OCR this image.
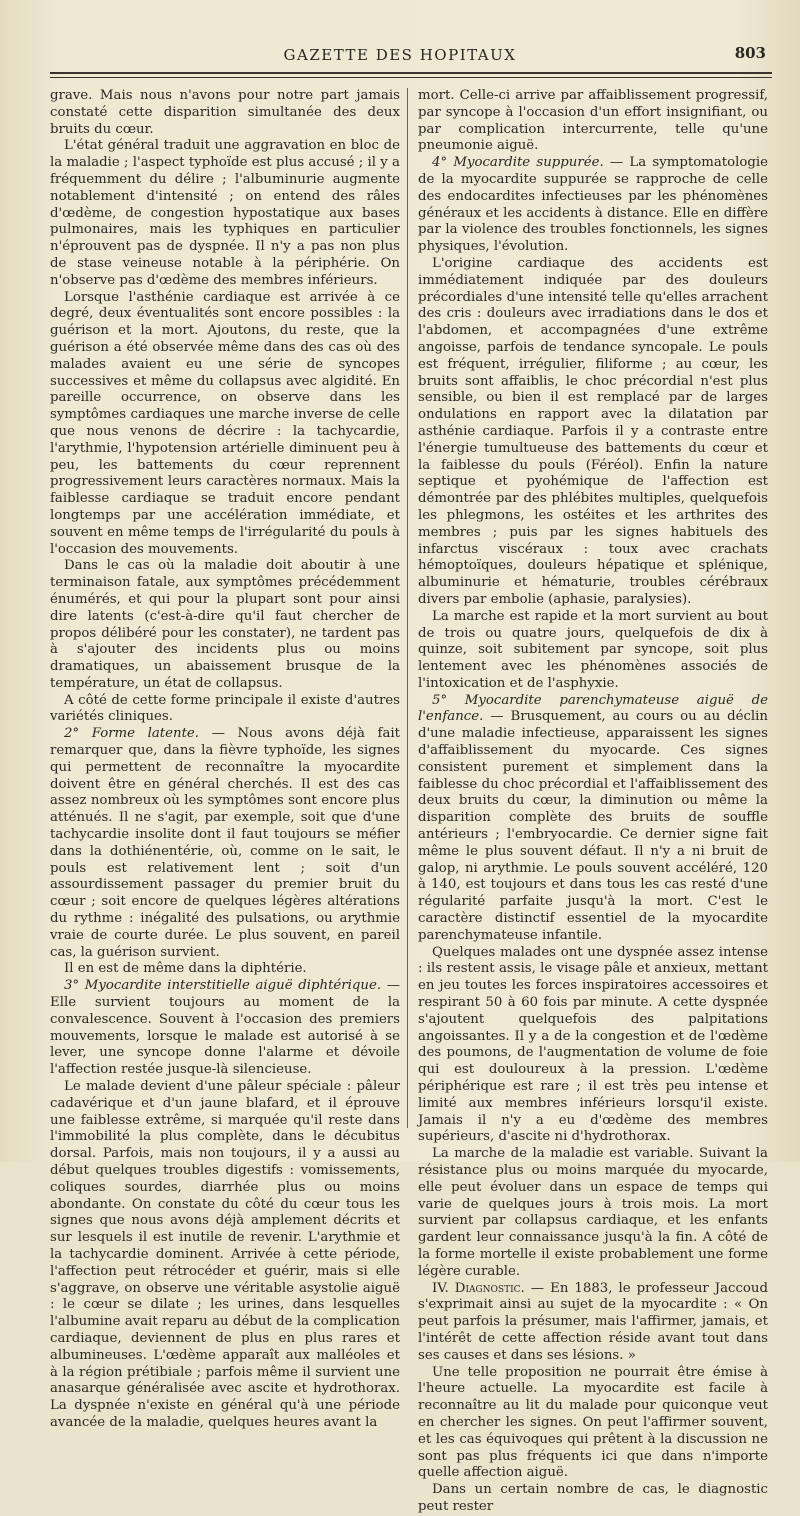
GAZETTE DES HOPITAUX	803

grave. Mais nous n'avons pour notre part jamais constaté cette disparition simultanée des deux bruits du cœur.

L'état général traduit une aggravation en bloc de la maladie ; l'aspect typhoïde est plus accusé ; il y a fréquemment du délire ; l'albuminurie augmente notablement d'intensité ; on entend des râles d'œdème, de congestion hypostatique aux bases pulmonaires, mais les typhiques en particulier n'éprouvent pas de dyspnée. Il n'y a pas non plus de stase veineuse notable à la périphérie. On n'observe pas d'œdème des membres inférieurs.

Lorsque l'asthénie cardiaque est arrivée à ce degré, deux éventualités sont encore possibles : la guérison et la mort. Ajoutons, du reste, que la guérison a été observée même dans des cas où des malades avaient eu une série de syncopes successives et même du collapsus avec algidité. En pareille occurrence, on observe dans les symptômes cardiaques une marche inverse de celle que nous venons de décrire : la tachycardie, l'arythmie, l'hypotension artérielle diminuent peu à peu, les battements du cœur reprennent progressivement leurs caractères normaux. Mais la faiblesse cardiaque se traduit encore pendant longtemps par une accélération immédiate, et souvent en même temps de l'irrégularité du pouls à l'occasion des mouvements.

Dans le cas où la maladie doit aboutir à une terminaison fatale, aux symptômes précédemment énumérés, et qui pour la plupart sont pour ainsi dire latents (c'est-à-dire qu'il faut chercher de propos délibéré pour les constater), ne tardent pas à s'ajouter des incidents plus ou moins dramatiques, un abaissement brusque de la température, un état de collapsus.

A côté de cette forme principale il existe d'autres variétés cliniques.

2° Forme latente. — Nous avons déjà fait remarquer que, dans la fièvre typhoïde, les signes qui permettent de reconnaître la myocardite doivent être en général cherchés. Il est des cas assez nombreux où les symptômes sont encore plus atténués. Il ne s'agit, par exemple, soit que d'une tachycardie insolite dont il faut toujours se méfier dans la dothiénentérie, où, comme on le sait, le pouls est relativement lent ; soit d'un assourdissement passager du premier bruit du cœur ; soit encore de quelques légères altérations du rythme : inégalité des pulsations, ou arythmie vraie de courte durée. Le plus souvent, en pareil cas, la guérison survient.

Il en est de même dans la diphtérie.

3° Myocardite interstitielle aiguë diphtérique. — Elle survient toujours au moment de la convalescence. Souvent à l'occasion des premiers mouvements, lorsque le malade est autorisé à se lever, une syncope donne l'alarme et dévoile l'affection restée jusque-là silencieuse.

Le malade devient d'une pâleur spéciale : pâleur cadavérique et d'un jaune blafard, et il éprouve une faiblesse extrême, si marquée qu'il reste dans l'immobilité la plus complète, dans le décubitus dorsal. Parfois, mais non toujours, il y a aussi au début quelques troubles digestifs : vomissements, coliques sourdes, diarrhée plus ou moins abondante. On constate du côté du cœur tous les signes que nous avons déjà amplement décrits et sur lesquels il est inutile de revenir. L'arythmie et la tachycardie dominent. Arrivée à cette période, l'affection peut rétrocéder et guérir, mais si elle s'aggrave, on observe une véritable asystolie aiguë : le cœur se dilate ; les urines, dans lesquelles l'albumine avait reparu au début de la complication cardiaque, deviennent de plus en plus rares et albumineuses. L'œdème apparaît aux malléoles et à la région prétibiale ; parfois même il survient une anasarque généralisée avec ascite et hydrothorax. La dyspnée n'existe en général qu'à une période avancée de la maladie, quelques heures avant la

mort. Celle-ci arrive par affaiblissement progressif, par syncope à l'occasion d'un effort insignifiant, ou par complication intercurrente, telle qu'une pneumonie aiguë.

4° Myocardite suppurée. — La symptomatologie de la myocardite suppurée se rapproche de celle des endocardites infectieuses par les phénomènes généraux et les accidents à distance. Elle en diffère par la violence des troubles fonctionnels, les signes physiques, l'évolution.

L'origine cardiaque des accidents est immédiatement indiquée par des douleurs précordiales d'une intensité telle qu'elles arrachent des cris : douleurs avec irradiations dans le dos et l'abdomen, et accompagnées d'une extrême angoisse, parfois de tendance syncopale. Le pouls est fréquent, irrégulier, filiforme ; au cœur, les bruits sont affaiblis, le choc précordial n'est plus sensible, ou bien il est remplacé par de larges ondulations en rapport avec la dilatation par asthénie cardiaque. Parfois il y a contraste entre l'énergie tumultueuse des battements du cœur et la faiblesse du pouls (Féréol). Enfin la nature septique et pyohémique de l'affection est démontrée par des phlébites multiples, quelquefois les phlegmons, les ostéites et les arthrites des membres ; puis par les signes habituels des infarctus viscéraux : toux avec crachats hémoptoïques, douleurs hépatique et splénique, albuminurie et hématurie, troubles cérébraux divers par embolie (aphasie, paralysies).

La marche est rapide et la mort survient au bout de trois ou quatre jours, quelquefois de dix à quinze, soit subitement par syncope, soit plus lentement avec les phénomènes associés de l'intoxication et de l'asphyxie.

5° Myocardite parenchymateuse aiguë de l'enfance. — Brusquement, au cours ou au déclin d'une maladie infectieuse, apparaissent les signes d'affaiblissement du myocarde. Ces signes consistent purement et simplement dans la faiblesse du choc précordial et l'affaiblissement des deux bruits du cœur, la diminution ou même la disparition complète des bruits de souffle antérieurs ; l'embryocardie. Ce dernier signe fait même le plus souvent défaut. Il n'y a ni bruit de galop, ni arythmie. Le pouls souvent accéléré, 120 à 140, est toujours et dans tous les cas resté d'une régularité parfaite jusqu'à la mort. C'est le caractère distinctif essentiel de la myocardite parenchymateuse infantile.

Quelques malades ont une dyspnée assez intense : ils restent assis, le visage pâle et anxieux, mettant en jeu toutes les forces inspiratoires accessoires et respirant 50 à 60 fois par minute. A cette dyspnée s'ajoutent quelquefois des palpitations angoissantes. Il y a de la congestion et de l'œdème des poumons, de l'augmentation de volume de foie qui est douloureux à la pression. L'œdème périphérique est rare ; il est très peu intense et limité aux membres inférieurs lorsqu'il existe. Jamais il n'y a eu d'œdème des membres supérieurs, d'ascite ni d'hydrothorax.

La marche de la maladie est variable. Suivant la résistance plus ou moins marquée du myocarde, elle peut évoluer dans un espace de temps qui varie de quelques jours à trois mois. La mort survient par collapsus cardiaque, et les enfants gardent leur connaissance jusqu'à la fin. A côté de la forme mortelle il existe probablement une forme légère curable.

IV. Diagnostic. — En 1883, le professeur Jaccoud s'exprimait ainsi au sujet de la myocardite : « On peut parfois la présumer, mais l'affirmer, jamais, et l'intérêt de cette affection réside avant tout dans ses causes et dans ses lésions. »

Une telle proposition ne pourrait être émise à l'heure actuelle. La myocardite est facile à reconnaître au lit du malade pour quiconque veut en chercher les signes. On peut l'affirmer souvent, et les cas équivoques qui prêtent à la discussion ne sont pas plus fréquents ici que dans n'importe quelle affection aiguë.

Dans un certain nombre de cas, le diagnostic peut rester
